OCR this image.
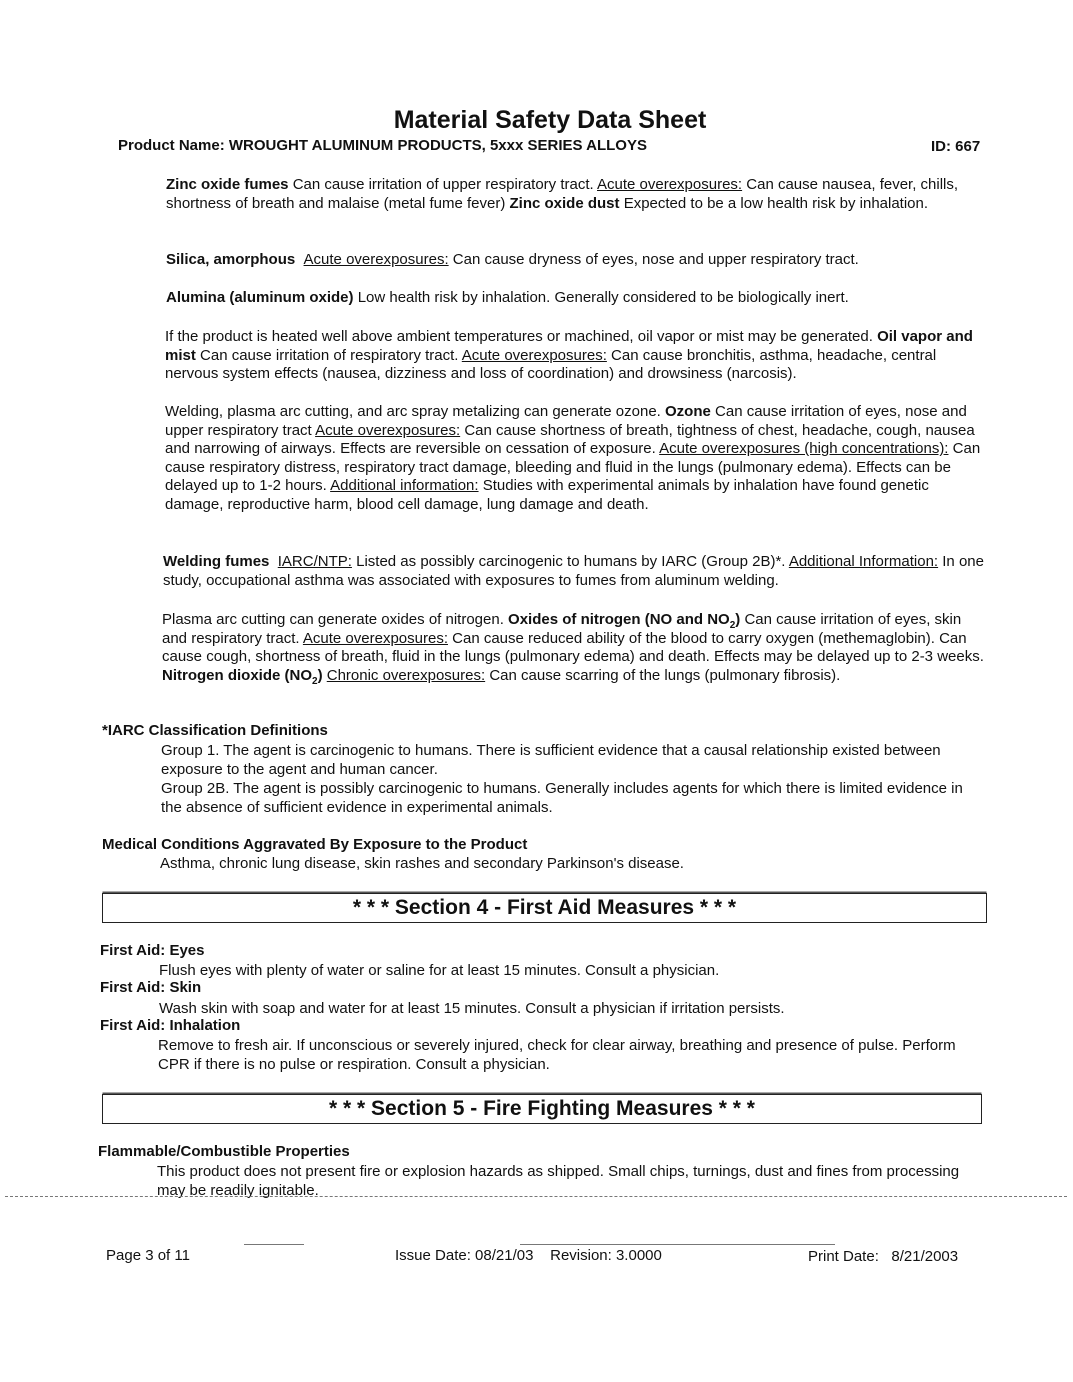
Material Safety Data Sheet
Product Name: WROUGHT ALUMINUM PRODUCTS, 5xxx SERIES ALLOYS	ID: 667

Zinc oxide fumes Can cause irritation of upper respiratory tract. Acute overexposures: Can cause nausea, fever, chills, shortness of breath and malaise (metal fume fever) Zinc oxide dust Expected to be a low health risk by inhalation.

Silica, amorphous Acute overexposures: Can cause dryness of eyes, nose and upper respiratory tract.

Alumina (aluminum oxide) Low health risk by inhalation. Generally considered to be biologically inert.

If the product is heated well above ambient temperatures or machined, oil vapor or mist may be generated. Oil vapor and mist Can cause irritation of respiratory tract. Acute overexposures: Can cause bronchitis, asthma, headache, central nervous system effects (nausea, dizziness and loss of coordination) and drowsiness (narcosis).

Welding, plasma arc cutting, and arc spray metalizing can generate ozone. Ozone Can cause irritation of eyes, nose and upper respiratory tract Acute overexposures: Can cause shortness of breath, tightness of chest, headache, cough, nausea and narrowing of airways. Effects are reversible on cessation of exposure. Acute overexposures (high concentrations): Can cause respiratory distress, respiratory tract damage, bleeding and fluid in the lungs (pulmonary edema). Effects can be delayed up to 1-2 hours. Additional information: Studies with experimental animals by inhalation have found genetic damage, reproductive harm, blood cell damage, lung damage and death.

Welding fumes IARC/NTP: Listed as possibly carcinogenic to humans by IARC (Group 2B)*. Additional Information: In one study, occupational asthma was associated with exposures to fumes from aluminum welding.

Plasma arc cutting can generate oxides of nitrogen. Oxides of nitrogen (NO and $NO_2$) Can cause irritation of eyes, skin and respiratory tract. Acute overexposures: Can cause reduced ability of the blood to carry oxygen (methemaglobin). Can cause cough, shortness of breath, fluid in the lungs (pulmonary edema) and death. Effects may be delayed up to 2-3 weeks. Nitrogen dioxide $(NO_2)$ Chronic overexposures: Can cause scarring of the lungs (pulmonary fibrosis).

*IARC Classification Definitions
Group 1. The agent is carcinogenic to humans. There is sufficient evidence that a causal relationship existed between exposure to the agent and human cancer.
Group 2B. The agent is possibly carcinogenic to humans. Generally includes agents for which there is limited evidence in the absence of sufficient evidence in experimental animals.
Medical Conditions Aggravated By Exposure to the Product
Asthma, chronic lung disease, skin rashes and secondary Parkinson's disease.
* * * Section 4 - First Aid Measures * * *
First Aid: Eyes
Flush eyes with plenty of water or saline for at least 15 minutes. Consult a physician.
First Aid: Skin
Wash skin with soap and water for at least 15 minutes. Consult a physician if irritation persists.
First Aid: Inhalation
Remove to fresh air. If unconscious or severely injured, check for clear airway, breathing and presence of pulse. Perform CPR if there is no pulse or respiration. Consult a physician.
* * * Section 5 - Fire Fighting Measures * * *
Flammable/Combustible Properties
This product does not present fire or explosion hazards as shipped. Small chips, turnings, dust and fines from processing may be readily ignitable.
Page 3 of 11	Issue Date: 08/21/03 Revision: 3.0000	Print Date: 8/21/2003
